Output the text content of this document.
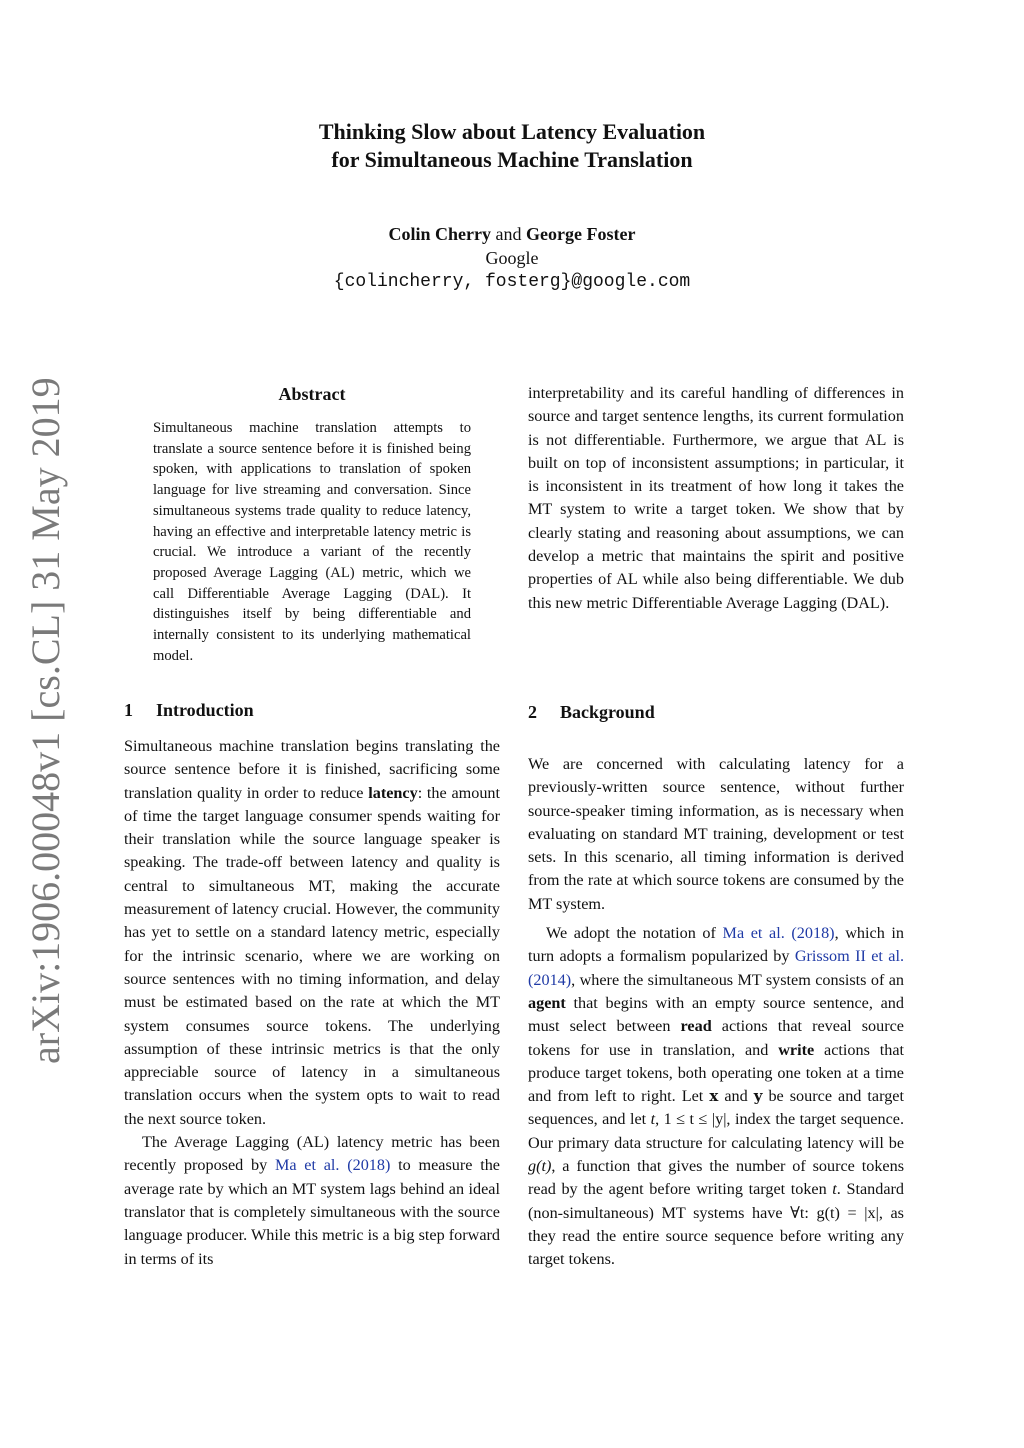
arXiv:1906.00048v1 [cs.CL] 31 May 2019
Thinking Slow about Latency Evaluation
for Simultaneous Machine Translation
Colin Cherry and George Foster
Google
{colincherry, fosterg}@google.com
Abstract
Simultaneous machine translation attempts to translate a source sentence before it is finished being spoken, with applications to translation of spoken language for live streaming and conversation. Since simultaneous systems trade quality to reduce latency, having an effective and interpretable latency metric is crucial. We introduce a variant of the recently proposed Average Lagging (AL) metric, which we call Differentiable Average Lagging (DAL). It distinguishes itself by being differentiable and internally consistent to its underlying mathematical model.
1 Introduction

Simultaneous machine translation begins translating the source sentence before it is finished, sacrificing some translation quality in order to reduce latency: the amount of time the target language consumer spends waiting for their translation while the source language speaker is speaking. The trade-off between latency and quality is central to simultaneous MT, making the accurate measurement of latency crucial. However, the community has yet to settle on a standard latency metric, especially for the intrinsic scenario, where we are working on source sentences with no timing information, and delay must be estimated based on the rate at which the MT system consumes source tokens. The underlying assumption of these intrinsic metrics is that the only appreciable source of latency in a simultaneous translation occurs when the system opts to wait to read the next source token.

The Average Lagging (AL) latency metric has been recently proposed by Ma et al. (2018) to measure the average rate by which an MT system lags behind an ideal translator that is completely simultaneous with the source language producer. While this metric is a big step forward in terms of its

interpretability and its careful handling of differences in source and target sentence lengths, its current formulation is not differentiable. Furthermore, we argue that AL is built on top of inconsistent assumptions; in particular, it is inconsistent in its treatment of how long it takes the MT system to write a target token. We show that by clearly stating and reasoning about assumptions, we can develop a metric that maintains the spirit and positive properties of AL while also being differentiable. We dub this new metric Differentiable Average Lagging (DAL).

2 Background

We are concerned with calculating latency for a previously-written source sentence, without further source-speaker timing information, as is necessary when evaluating on standard MT training, development or test sets. In this scenario, all timing information is derived from the rate at which source tokens are consumed by the MT system.

We adopt the notation of Ma et al. (2018), which in turn adopts a formalism popularized by Grissom II et al. (2014), where the simultaneous MT system consists of an agent that begins with an empty source sentence, and must select between read actions that reveal source tokens for use in translation, and write actions that produce target tokens, both operating one token at a time and from left to right. Let x and y be source and target sequences, and let t, 1 ≤ t ≤ |y|, index the target sequence. Our primary data structure for calculating latency will be g(t), a function that gives the number of source tokens read by the agent before writing target token t. Standard (non-simultaneous) MT systems have ∀t: g(t) = |x|, as they read the entire source sequence before writing any target tokens.
